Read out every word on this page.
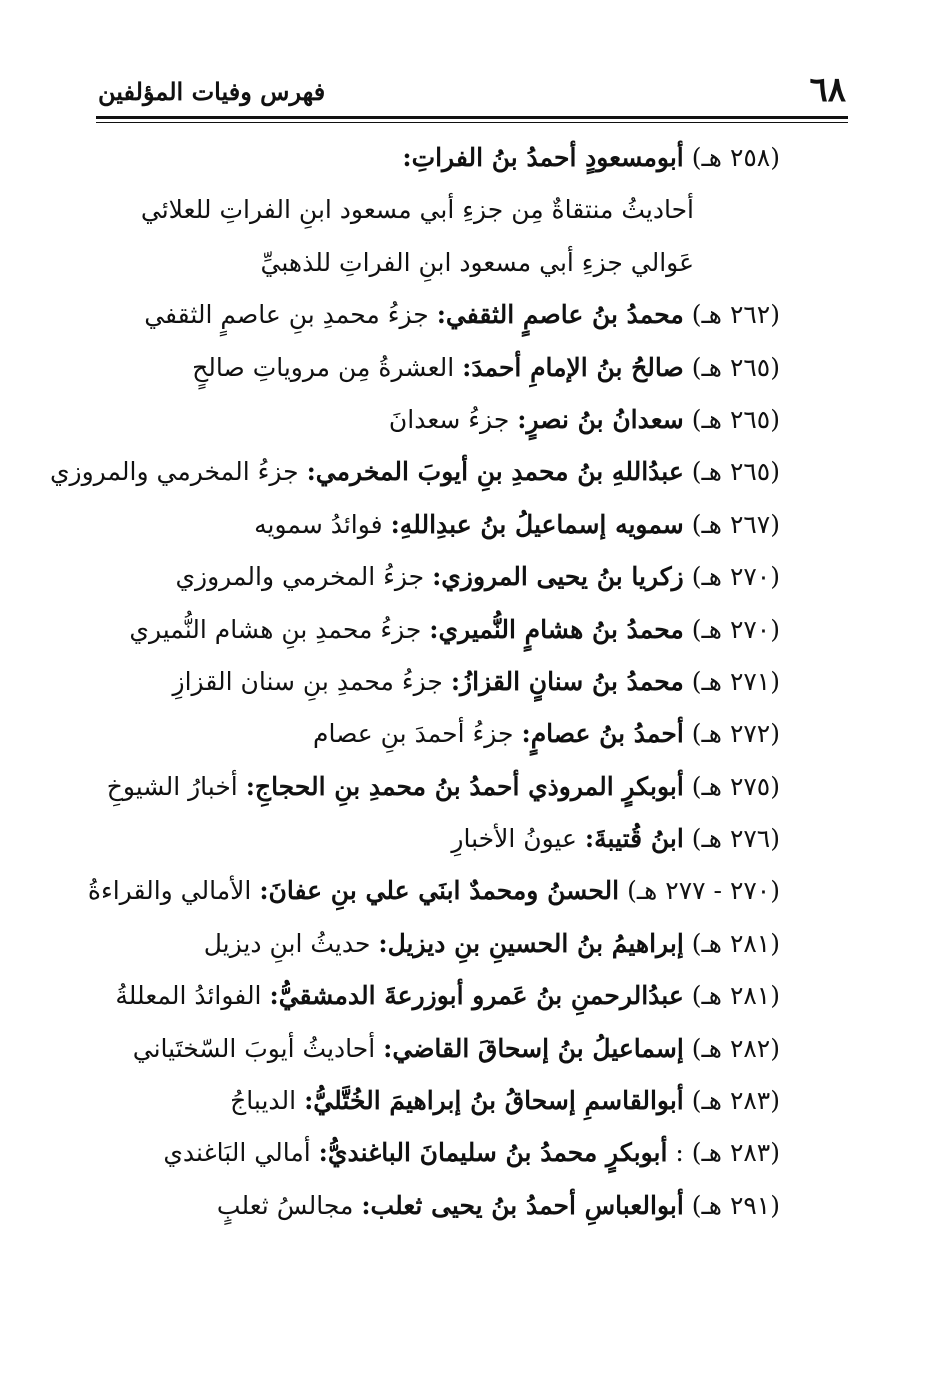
٦٨
فهرس وفيات المؤلفين
(٢٥٨ هـ) أبومسعودٍ أحمدُ بنُ الفراتِ:
أحاديثُ منتقاةٌ مِن جزءِ أبي مسعود ابنِ الفراتِ للعلائي
عَوالي جزءِ أبي مسعود ابنِ الفراتِ للذهبيِّ
(٢٦٢ هـ) محمدُ بنُ عاصمٍ الثقفي: جزءُ محمدِ بنِ عاصمٍ الثقفي
(٢٦٥ هـ) صالحُ بنُ الإمامِ أحمدَ: العشرةُ مِن مروياتِ صالحٍ
(٢٦٥ هـ) سعدانُ بنُ نصرٍ: جزءُ سعدانَ
(٢٦٥ هـ) عبدُاللهِ بنُ محمدِ بنِ أيوبَ المخرمي: جزءُ المخرمي والمروزي
(٢٦٧ هـ) سمويه إسماعيلُ بنُ عبدِاللهِ: فوائدُ سمويه
(٢٧٠ هـ) زكريا بنُ يحيى المروزي: جزءُ المخرمي والمروزي
(٢٧٠ هـ) محمدُ بنُ هشامٍ النُّميري: جزءُ محمدِ بنِ هشام النُّميري
(٢٧١ هـ) محمدُ بنُ سنانٍ القزازُ: جزءُ محمدِ بنِ سنان القزازِ
(٢٧٢ هـ) أحمدُ بنُ عصامٍ: جزءُ أحمدَ بنِ عصام
(٢٧٥ هـ) أبوبكرٍ المروذي أحمدُ بنُ محمدِ بنِ الحجاجِ: أخبارُ الشيوخِ
(٢٧٦ هـ) ابنُ قُتيبةَ: عيونُ الأخبارِ
(٢٧٠ - ٢٧٧ هـ) الحسنُ ومحمدٌ ابنَي علي بنِ عفانَ: الأمالي والقراءةُ
(٢٨١ هـ) إبراهيمُ بنُ الحسينِ بنِ ديزيل: حديثُ ابنِ ديزيل
(٢٨١ هـ) عبدُالرحمنِ بنُ عَمرو أبوزرعةَ الدمشقيُّ: الفوائدُ المعللةُ
(٢٨٢ هـ) إسماعيلُ بنُ إسحاقَ القاضي: أحاديثُ أيوبَ السّختَياني
(٢٨٣ هـ) أبوالقاسمِ إسحاقُ بنُ إبراهيمَ الخُتَّليُّ: الديباجُ
(٢٨٣ هـ) : أبوبكرٍ محمدُ بنُ سليمانَ الباغنديُّ: أمالي البَاغندي
(٢٩١ هـ) أبوالعباسِ أحمدُ بنُ يحيى ثعلب: مجالسُ ثعلبٍ
